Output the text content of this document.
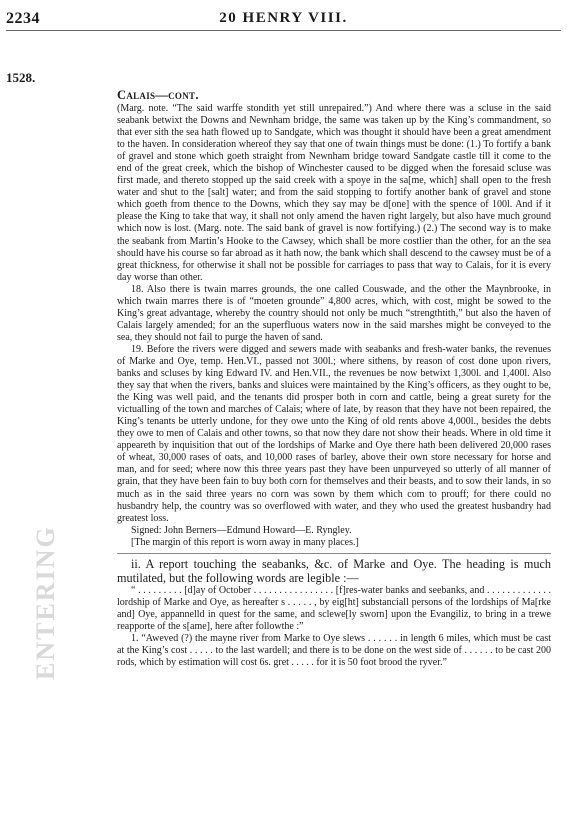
ENTERING
2234	20 HENRY VIII.
1528.
Calais—cont.

(Marg. note. “The said warffe stondith yet still unrepaired.”) And where there was a scluse in the said seabank betwixt the Downs and Newnham bridge, the same was taken up by the King’s commandment, so that ever sith the sea hath flowed up to Sandgate, which was thought it should have been a great amendment to the haven. In consideration whereof they say that one of twain things must be done: (1.) To fortify a bank of gravel and stone which goeth straight from Newnham bridge toward Sandgate castle till it come to the end of the great creek, which the bishop of Winchester caused to be digged when the foresaid scluse was first made, and thereto stopped up the said creek with a spoye in the sa[me, which] shall open to the fresh water and shut to the [salt] water; and from the said stopping to fortify another bank of gravel and stone which goeth from thence to the Downs, which they say may be d[one] with the spence of 100l. And if it please the King to take that way, it shall not only amend the haven right largely, but also have much ground which now is lost. (Marg. note. The said bank of gravel is now fortifying.) (2.) The second way is to make the seabank from Martin’s Hooke to the Cawsey, which shall be more costlier than the other, for an the sea should have his course so far abroad as it hath now, the bank which shall descend to the cawsey must be of a great thickness, for otherwise it shall not be possible for carriages to pass that way to Calais, for it is every day worse than other.

18. Also there is twain marres grounds, the one called Couswade, and the other the Maynbrooke, in which twain marres there is of “moeten grounde” 4,800 acres, which, with cost, might be sowed to the King’s great advantage, whereby the country should not only be much “strengthtith,” but also the haven of Calais largely amended; for an the superfluous waters now in the said marshes might be conveyed to the sea, they should not fail to purge the haven of sand.

19. Before the rivers were digged and sewers made with seabanks and fresh-water banks, the revenues of Marke and Oye, temp. Hen.VI., passed not 300l.; where sithens, by reason of cost done upon rivers, banks and scluses by king Edward IV. and Hen.VII., the revenues be now betwixt 1,300l. and 1,400l. Also they say that when the rivers, banks and sluices were maintained by the King’s officers, as they ought to be, the King was well paid, and the tenants did prosper both in corn and cattle, being a great surety for the victualling of the town and marches of Calais; where of late, by reason that they have not been repaired, the King’s tenants be utterly undone, for they owe unto the King of old rents above 4,000l., besides the debts they owe to men of Calais and other towns, so that now they dare not show their heads. Where in old time it appeareth by inquisition that out of the lordships of Marke and Oye there hath been delivered 20,000 rases of wheat, 30,000 rases of oats, and 10,000 rases of barley, above their own store necessary for horse and man, and for seed; where now this three years past they have been unpurveyed so utterly of all manner of grain, that they have been fain to buy both corn for themselves and their beasts, and to sow their lands, in so much as in the said three years no corn was sown by them which com to prouff; for there could no husbandry help, the country was so overflowed with water, and they who used the greatest husbandry had greatest loss.

Signed: John Berners—Edmund Howard—E. Ryngley.

[The margin of this report is worn away in many places.]

ii. A report touching the seabanks, &c. of Marke and Oye. The heading is much mutilated, but the following words are legible :—

“ . . . . . . . . . [d]ay of October . . . . . . . . . . . . . . . . [f]res-water banks and seebanks, and . . . . . . . . . . . . . lordship of Marke and Oye, as hereafter s . . . . . , by eig[ht] substanciall persons of the lordships of Ma[rke and] Oye, appannelld in quest for the same, and sclewe[ly sworn] upon the Evangiliz, to bring in a trewe reapporte of the s[ame], here after followthe :”

1. “Aweved (?) the mayne river from Marke to Oye slews . . . . . . in length 6 miles, which must be cast at the King’s cost . . . . . to the last wardell; and there is to be done on the west side of . . . . . . to be cast 200 rods, which by estimation will cost 6s. gret . . . . . for it is 50 foot brood the ryver.”
